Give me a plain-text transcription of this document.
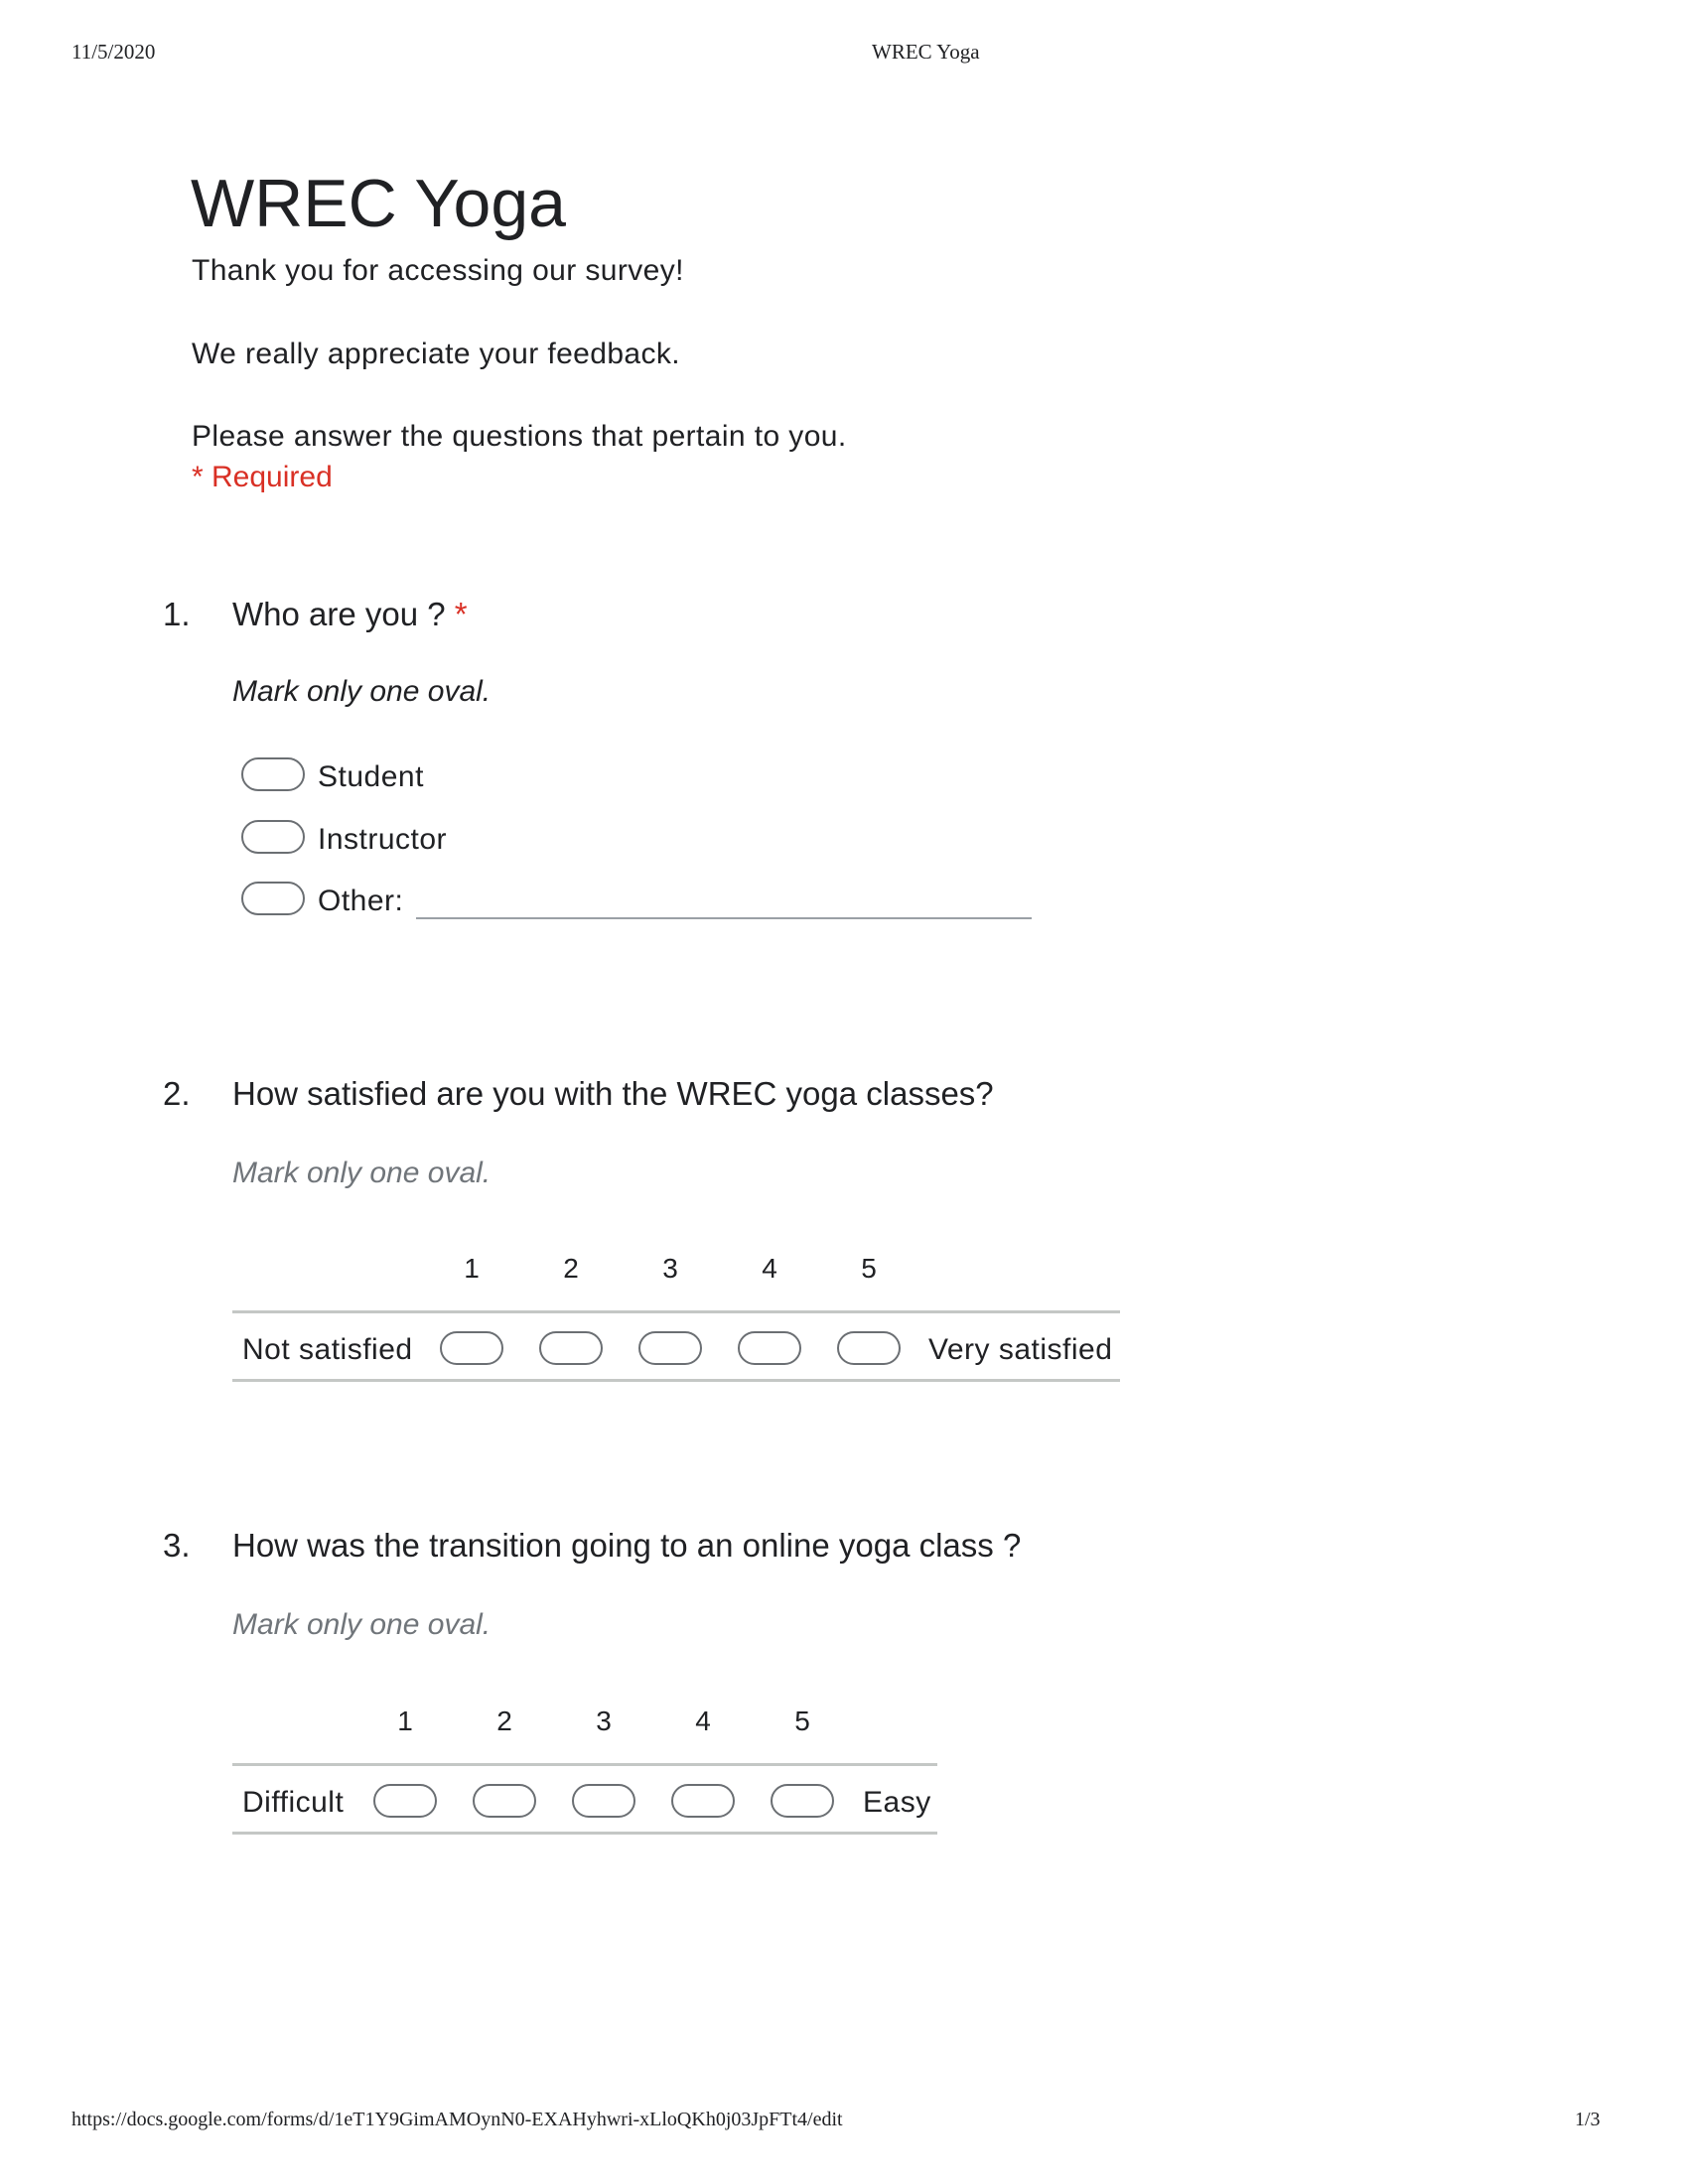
11/5/2020	WREC Yoga
WREC Yoga
Thank you for accessing our survey!
We really appreciate your feedback.
Please answer the questions that pertain to you.
* Required
1. Who are you ? *
Mark only one oval.
Student
Instructor
Other:
2. How satisfied are you with the WREC yoga classes?
Mark only one oval.
1	2	3	4	5
Not satisfied	Very satisfied
3. How was the transition going to an online yoga class ?
Mark only one oval.
1	2	3	4	5
Difficult	Easy
https://docs.google.com/forms/d/1eT1Y9GimAMOynN0-EXAHyhwri-xLloQKh0j03JpFTt4/edit	1/3
